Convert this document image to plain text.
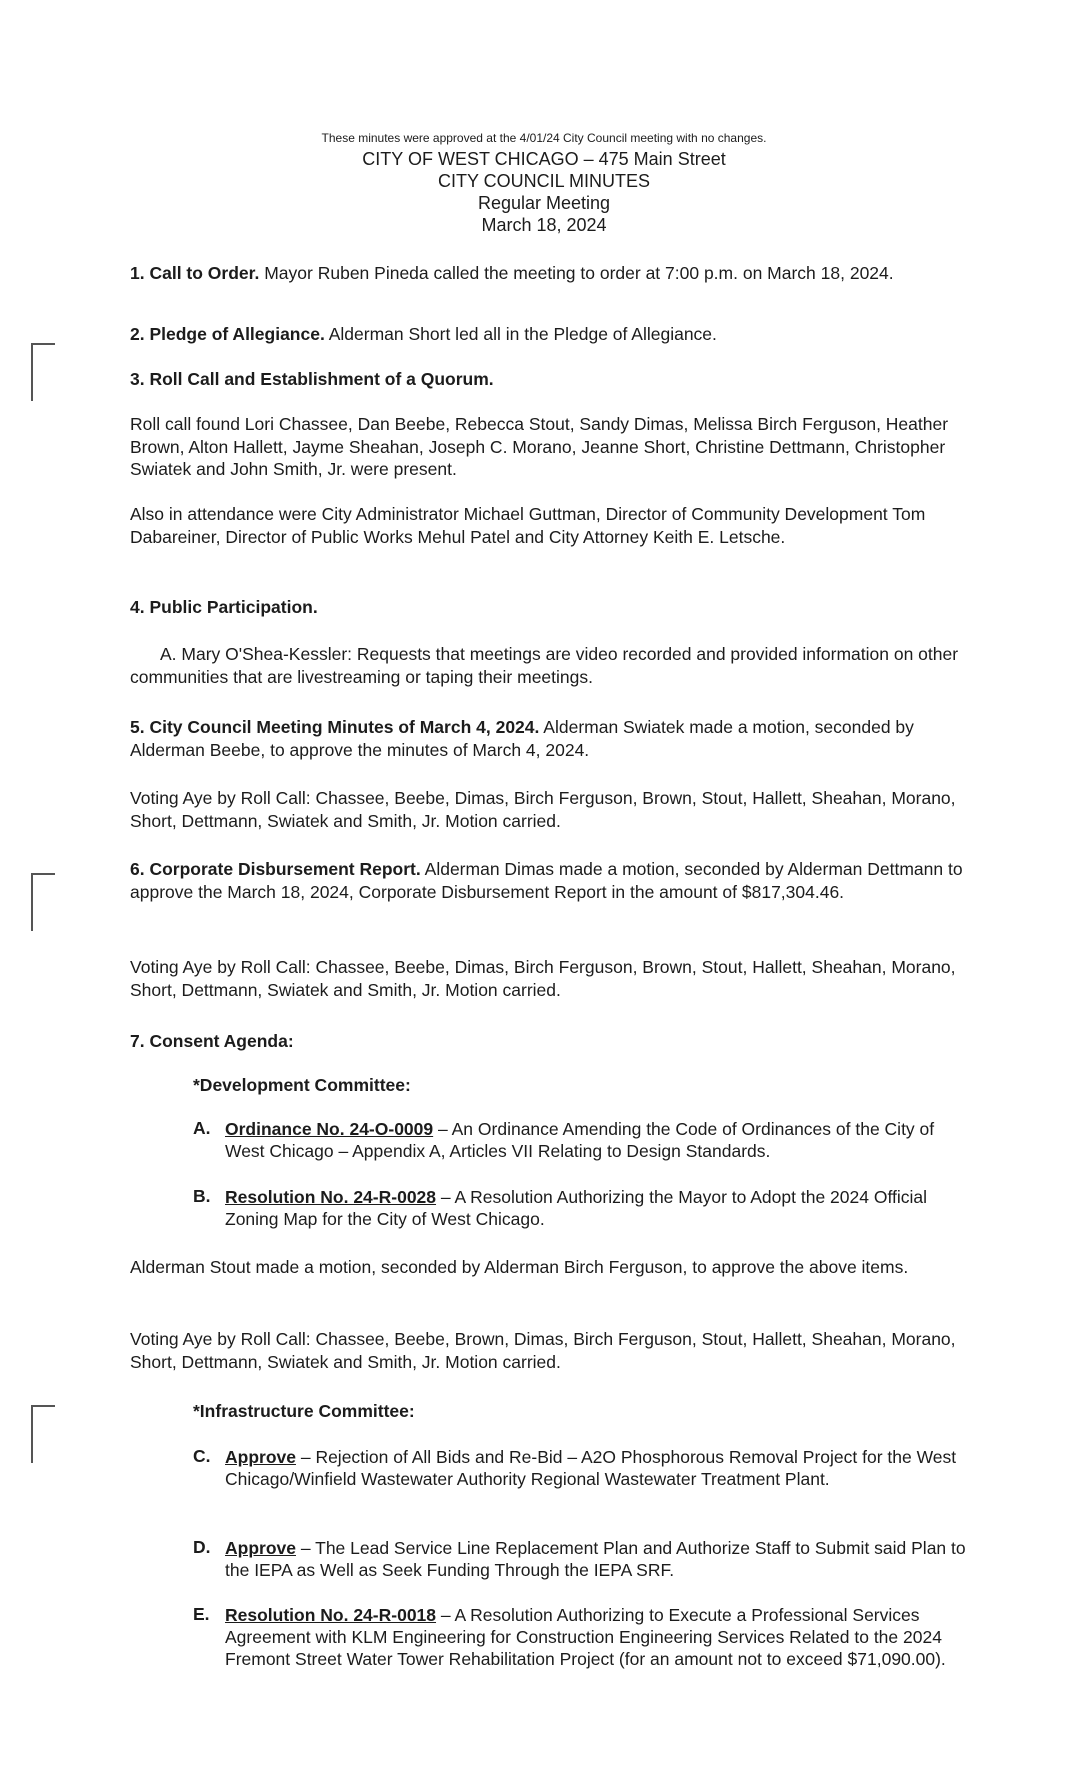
These minutes were approved at the 4/01/24 City Council meeting with no changes.
CITY OF WEST CHICAGO – 475 Main Street
CITY COUNCIL MINUTES
Regular Meeting
March 18, 2024
1. Call to Order. Mayor Ruben Pineda called the meeting to order at 7:00 p.m. on March 18, 2024.
2. Pledge of Allegiance. Alderman Short led all in the Pledge of Allegiance.
3. Roll Call and Establishment of a Quorum.
Roll call found Lori Chassee, Dan Beebe, Rebecca Stout, Sandy Dimas, Melissa Birch Ferguson, Heather Brown, Alton Hallett, Jayme Sheahan, Joseph C. Morano, Jeanne Short, Christine Dettmann, Christopher Swiatek and John Smith, Jr. were present.
Also in attendance were City Administrator Michael Guttman, Director of Community Development Tom Dabareiner, Director of Public Works Mehul Patel and City Attorney Keith E. Letsche.
4. Public Participation.
A. Mary O'Shea-Kessler: Requests that meetings are video recorded and provided information on other communities that are livestreaming or taping their meetings.
5. City Council Meeting Minutes of March 4, 2024. Alderman Swiatek made a motion, seconded by Alderman Beebe, to approve the minutes of March 4, 2024.
Voting Aye by Roll Call: Chassee, Beebe, Dimas, Birch Ferguson, Brown, Stout, Hallett, Sheahan, Morano, Short, Dettmann, Swiatek and Smith, Jr. Motion carried.
6. Corporate Disbursement Report. Alderman Dimas made a motion, seconded by Alderman Dettmann to approve the March 18, 2024, Corporate Disbursement Report in the amount of $817,304.46.
Voting Aye by Roll Call: Chassee, Beebe, Dimas, Birch Ferguson, Brown, Stout, Hallett, Sheahan, Morano, Short, Dettmann, Swiatek and Smith, Jr. Motion carried.
7. Consent Agenda:
*Development Committee:
A. Ordinance No. 24-O-0009 – An Ordinance Amending the Code of Ordinances of the City of West Chicago – Appendix A, Articles VII Relating to Design Standards.
B. Resolution No. 24-R-0028 – A Resolution Authorizing the Mayor to Adopt the 2024 Official Zoning Map for the City of West Chicago.
Alderman Stout made a motion, seconded by Alderman Birch Ferguson, to approve the above items.
Voting Aye by Roll Call: Chassee, Beebe, Brown, Dimas, Birch Ferguson, Stout, Hallett, Sheahan, Morano, Short, Dettmann, Swiatek and Smith, Jr. Motion carried.
*Infrastructure Committee:
C. Approve – Rejection of All Bids and Re-Bid – A2O Phosphorous Removal Project for the West Chicago/Winfield Wastewater Authority Regional Wastewater Treatment Plant.
D. Approve – The Lead Service Line Replacement Plan and Authorize Staff to Submit said Plan to the IEPA as Well as Seek Funding Through the IEPA SRF.
E. Resolution No. 24-R-0018 – A Resolution Authorizing to Execute a Professional Services Agreement with KLM Engineering for Construction Engineering Services Related to the 2024 Fremont Street Water Tower Rehabilitation Project (for an amount not to exceed $71,090.00).
